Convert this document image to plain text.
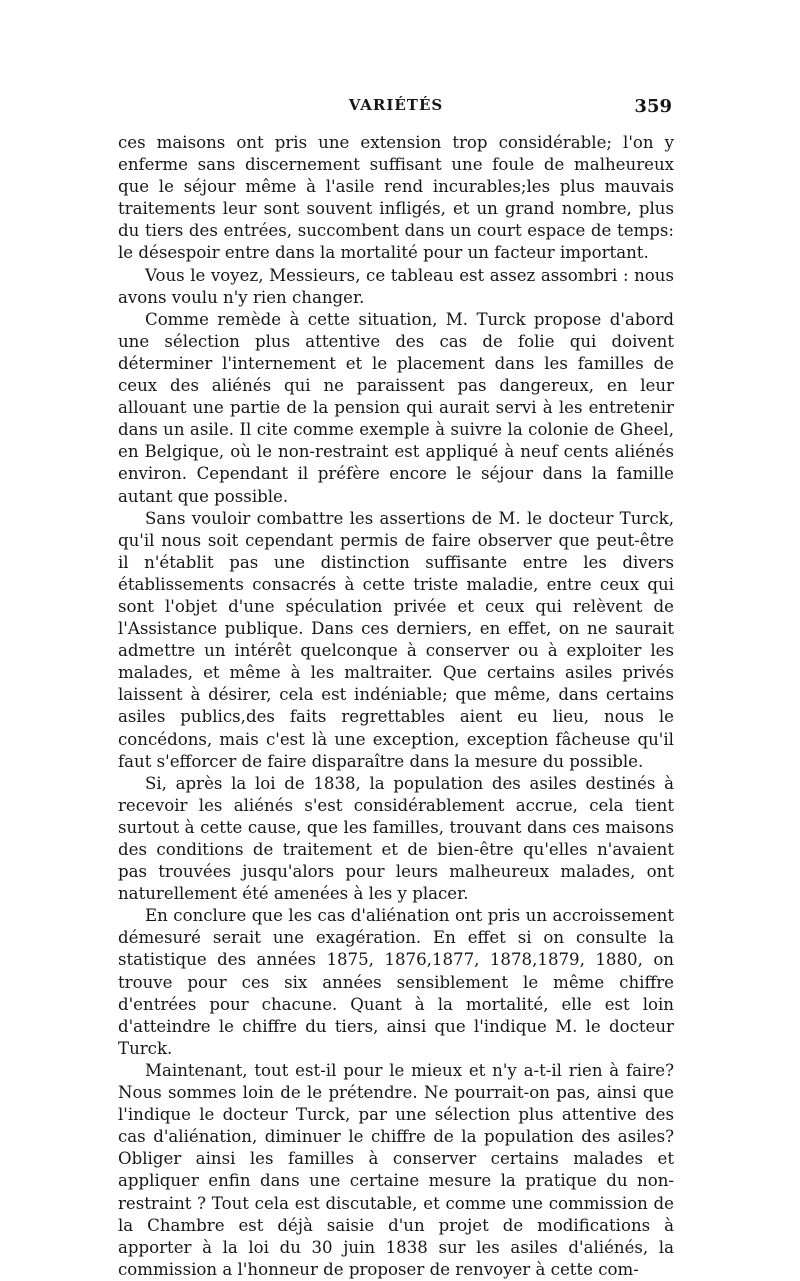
VARIÉTÉS	359

ces maisons ont pris une extension trop considérable; l'on y enferme sans discernement suffisant une foule de malheureux que le séjour même à l'asile rend incurables;les plus mauvais traitements leur sont souvent infligés, et un grand nombre, plus du tiers des entrées, succombent dans un court espace de temps: le désespoir entre dans la mortalité pour un facteur important.

Vous le voyez, Messieurs, ce tableau est assez assombri : nous avons voulu n'y rien changer.

Comme remède à cette situation, M. Turck propose d'abord une sélection plus attentive des cas de folie qui doivent déterminer l'internement et le placement dans les familles de ceux des aliénés qui ne paraissent pas dangereux, en leur allouant une partie de la pension qui aurait servi à les entretenir dans un asile. Il cite comme exemple à suivre la colonie de Gheel, en Belgique, où le non-restraint est appliqué à neuf cents aliénés environ. Cependant il préfère encore le séjour dans la famille autant que possible.

Sans vouloir combattre les assertions de M. le docteur Turck, qu'il nous soit cependant permis de faire observer que peut-être il n'établit pas une distinction suffisante entre les divers établissements consacrés à cette triste maladie, entre ceux qui sont l'objet d'une spéculation privée et ceux qui relèvent de l'Assistance publique. Dans ces derniers, en effet, on ne saurait admettre un intérêt quelconque à conserver ou à exploiter les malades, et même à les maltraiter. Que certains asiles privés laissent à désirer, cela est indéniable; que même, dans certains asiles publics,des faits regrettables aient eu lieu, nous le concédons, mais c'est là une exception, exception fâcheuse qu'il faut s'efforcer de faire disparaître dans la mesure du possible.

Si, après la loi de 1838, la population des asiles destinés à recevoir les aliénés s'est considérablement accrue, cela tient surtout à cette cause, que les familles, trouvant dans ces maisons des conditions de traitement et de bien-être qu'elles n'avaient pas trouvées jusqu'alors pour leurs malheureux malades, ont naturellement été amenées à les y placer.

En conclure que les cas d'aliénation ont pris un accroissement démesuré serait une exagération. En effet si on consulte la statistique des années 1875, 1876,1877, 1878,1879, 1880, on trouve pour ces six années sensiblement le même chiffre d'entrées pour chacune. Quant à la mortalité, elle est loin d'atteindre le chiffre du tiers, ainsi que l'indique M. le docteur Turck.

Maintenant, tout est-il pour le mieux et n'y a-t-il rien à faire? Nous sommes loin de le prétendre. Ne pourrait-on pas, ainsi que l'indique le docteur Turck, par une sélection plus attentive des cas d'aliénation, diminuer le chiffre de la population des asiles? Obliger ainsi les familles à conserver certains malades et appliquer enfin dans une certaine mesure la pratique du non-restraint ? Tout cela est discutable, et comme une commission de la Chambre est déjà saisie d'un projet de modifications à apporter à la loi du 30 juin 1838 sur les asiles d'aliénés, la commission a l'honneur de proposer de renvoyer à cette com-
